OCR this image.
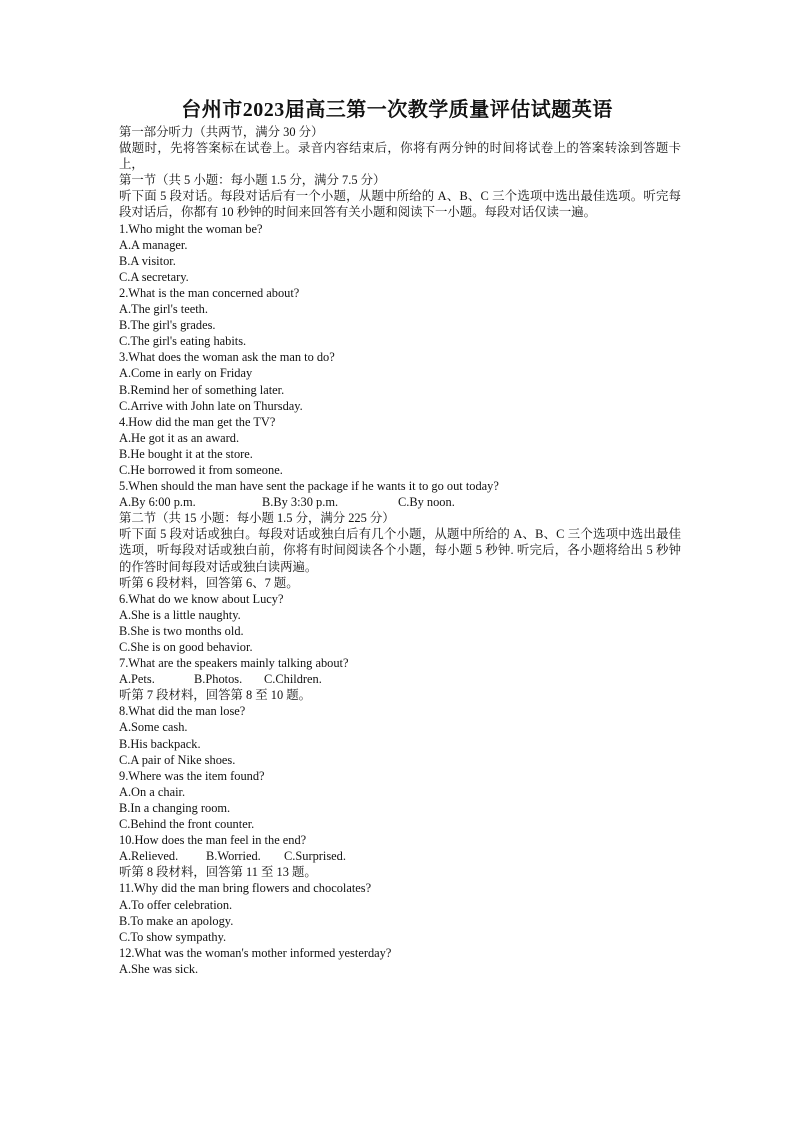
台州市2023届高三第一次教学质量评估试题英语
第一部分听力（共两节，满分 30 分）
做题时，先将答案标在试卷上。录音内容结束后，你将有两分钟的时间将试卷上的答案转涂到答题卡上，
第一节（共 5 小题：每小题 1.5 分，满分 7.5 分）
听下面 5 段对话。每段对话后有一个小题，从题中所给的 A、B、C 三个选项中选出最佳选项。听完每段对话后，你都有 10 秒钟的时间来回答有关小题和阅读下一小题。每段对话仅读一遍。
1.Who might the woman be?
A.A manager.
B.A visitor.
C.A secretary.
2.What is the man concerned about?
A.The girl's teeth.
B.The girl's grades.
C.The girl's eating habits.
3.What does the woman ask the man to do?
A.Come in early on Friday
B.Remind her of something later.
C.Arrive with John late on Thursday.
4.How did the man get the TV?
A.He got it as an award.
B.He bought it at the store.
C.He borrowed it from someone.
5.When should the man have sent the package if he wants it to go out today?
A.By 6:00 p.m.	B.By 3:30 p.m.	C.By noon.
第二节（共 15 小题：每小题 1.5 分，满分 225 分）
听下面 5 段对话或独白。每段对话或独白后有几个小题，从题中所给的 A、B、C 三个选项中选出最佳选项，听每段对话或独白前，你将有时间阅读各个小题，每小题 5 秒钟. 听完后，各小题将给出 5 秒钟的作答时间每段对话或独白读两遍。
听第 6 段材料，回答第 6、7 题。
6.What do we know about Lucy?
A.She is a little naughty.
B.She is two months old.
C.She is on good behavior.
7.What are the speakers mainly talking about?
A.Pets.	B.Photos.	C.Children.
听第 7 段材料，回答第 8 至 10 题。
8.What did the man lose?
A.Some cash.
B.His backpack.
C.A pair of Nike shoes.
9.Where was the item found?
A.On a chair.
B.In a changing room.
C.Behind the front counter.
10.How does the man feel in the end?
A.Relieved.	B.Worried.	C.Surprised.
听第 8 段材料，回答第 11 至 13 题。
11.Why did the man bring flowers and chocolates?
A.To offer celebration.
B.To make an apology.
C.To show sympathy.
12.What was the woman's mother informed yesterday?
A.She was sick.
